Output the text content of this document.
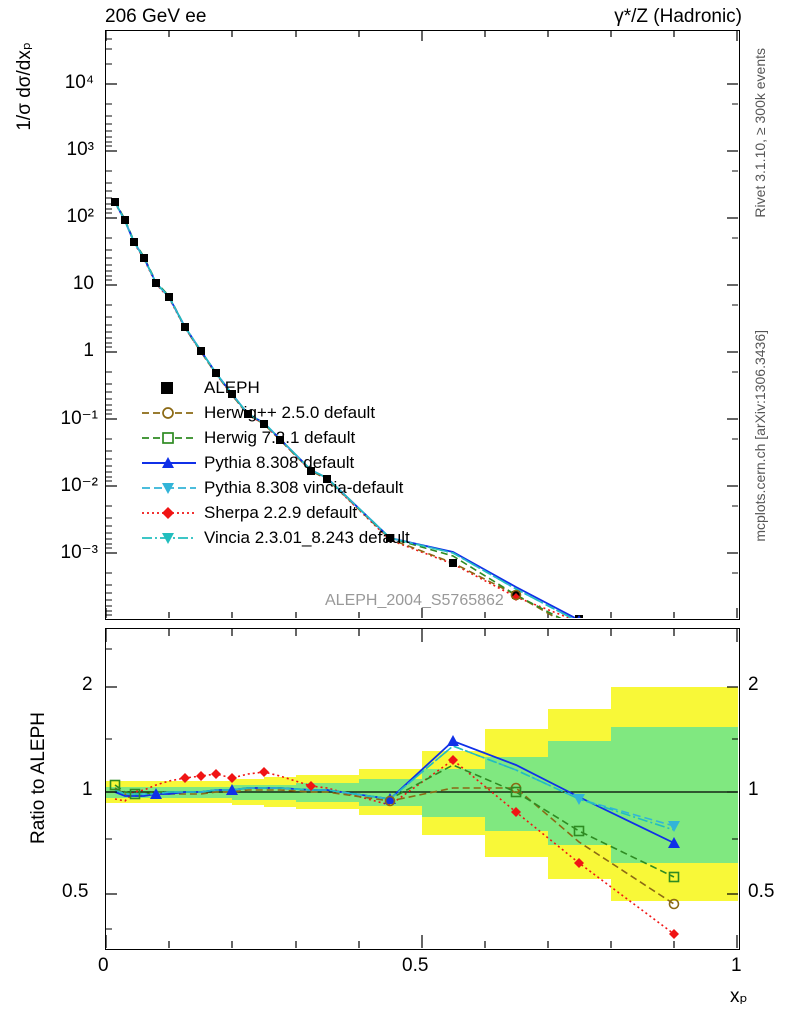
206 GeV ee	γ*/Z (Hadronic)
1/σ dσ/dxₚ	Rivet 3.1.10, ≥ 300k events
mcplots.cern.ch [arXiv:1306.3436]
10⁴
10³
10²
10
1
10⁻¹
10⁻²
10⁻³
ALEPH
Herwig++ 2.5.0 default
Herwig 7.2.1 default
Pythia 8.308 default
Pythia 8.308 vincia-default
Sherpa 2.2.9 default
Vincia 2.3.01_8.243 default
ALEPH_2004_S5765862
2
1
0.5
2
1
0.5
Ratio to ALEPH
0	0.5	1
xₚ
